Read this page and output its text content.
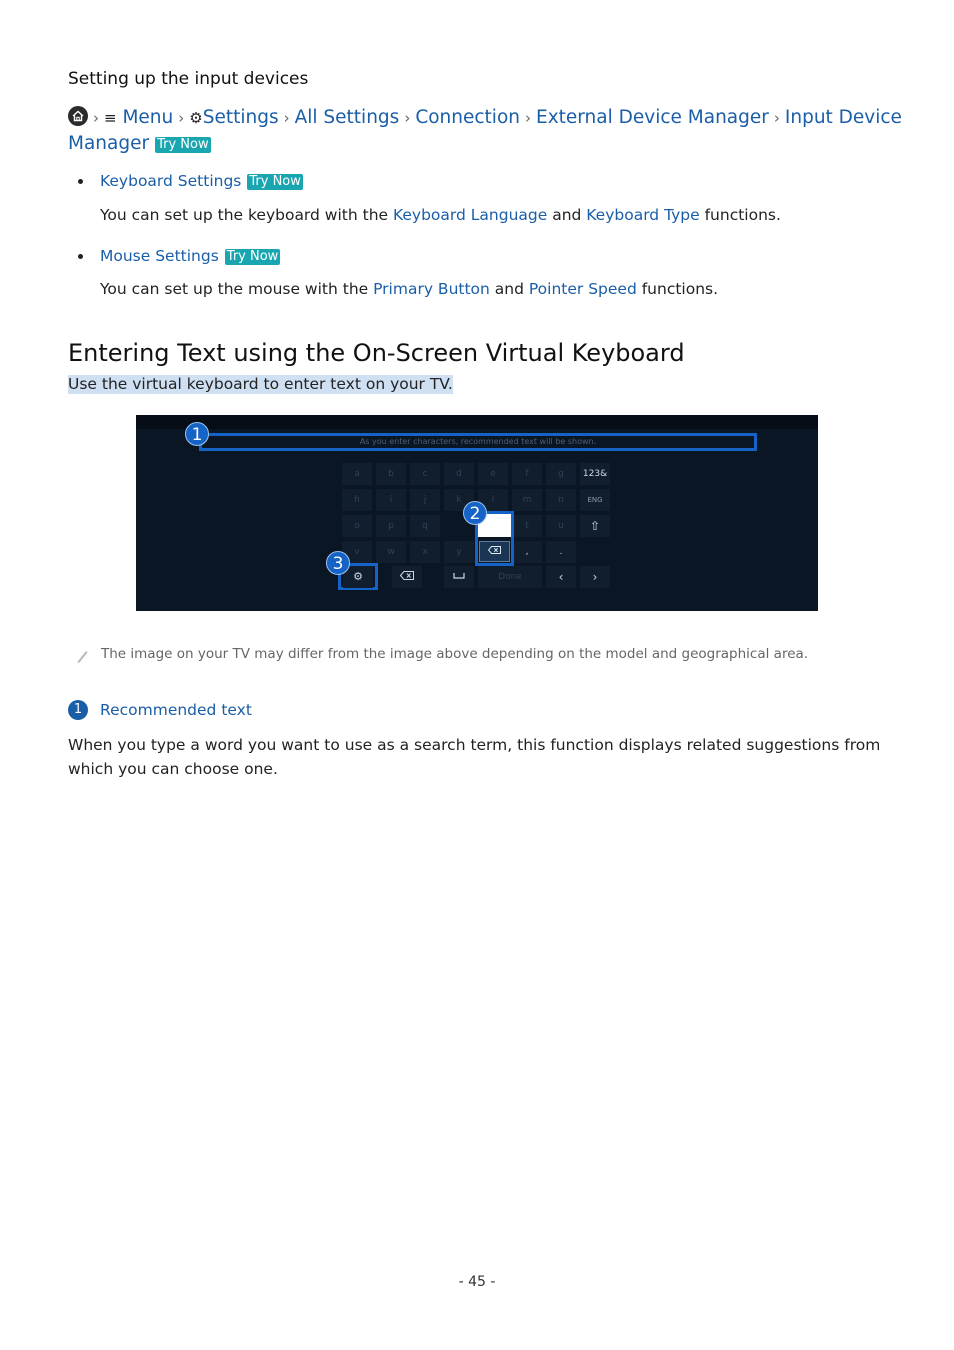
Setting up the input devices
› ≡ Menu › ⚙Settings › All Settings › Connection › External Device Manager › Input Device Manager Try Now
Keyboard Settings Try Now
You can set up the keyboard with the Keyboard Language and Keyboard Type functions.
Mouse Settings Try Now
You can set up the mouse with the Primary Button and Pointer Speed functions.
Entering Text using the On-Screen Virtual Keyboard
Use the virtual keyboard to enter text on your TV.
As you enter characters, recommended text will be shown.
a	b	c	d	e	f	g	123&
h	i	j	k	l	m	n	ENG
o	p	q	t	u	⇧
v	w	x	y	,	.
Done	‹	›
⚙
1
2
3
The image on your TV may differ from the image above depending on the model and geographical area.
1	Recommended text
When you type a word you want to use as a search term, this function displays related suggestions from which you can choose one.
- 45 -
